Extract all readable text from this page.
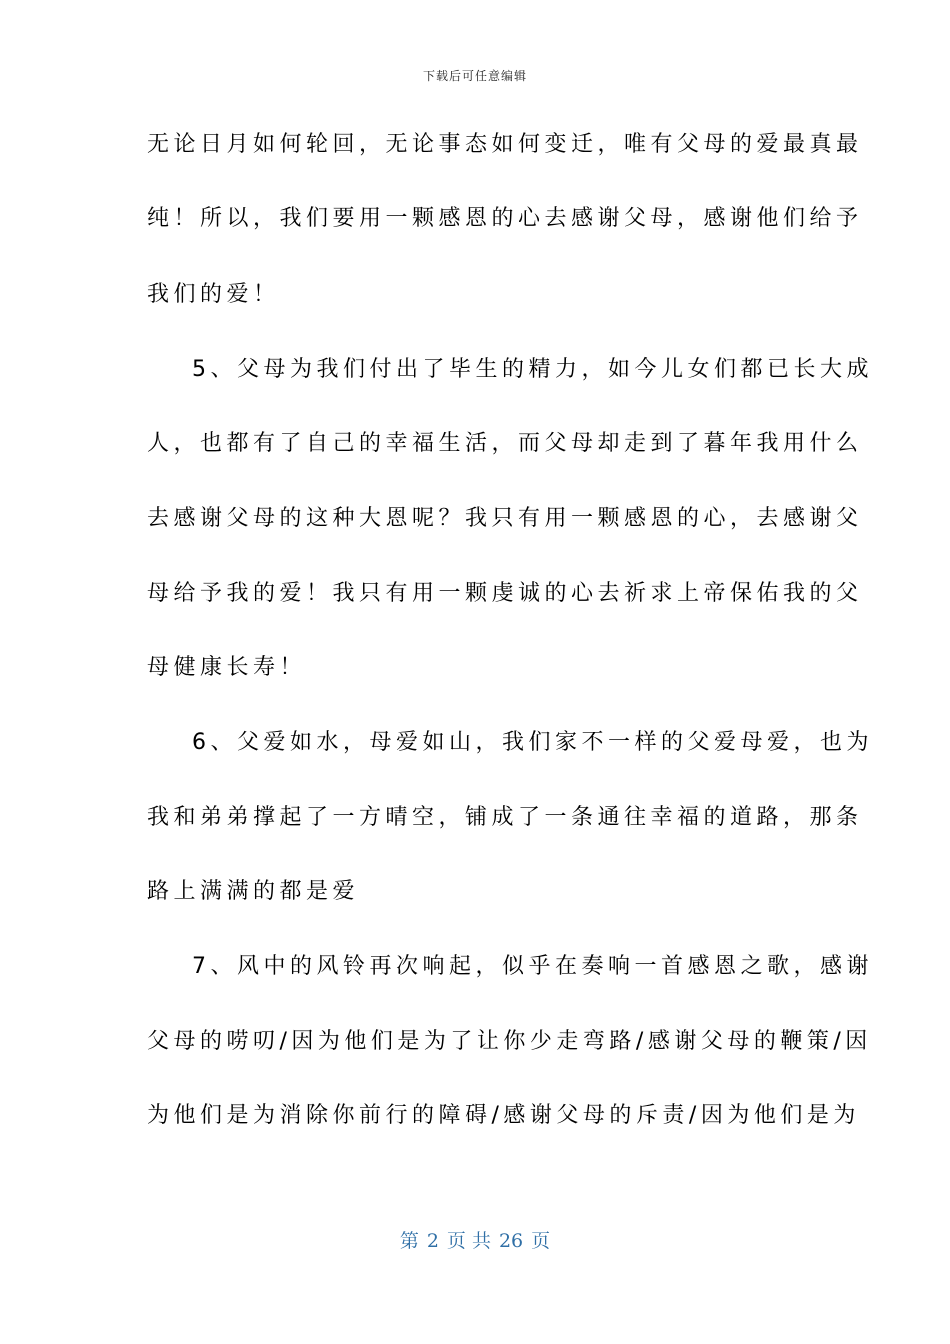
下载后可任意编辑
无论日月如何轮回，无论事态如何变迁，唯有父母的爱最真最
纯！所以，我们要用一颗感恩的心去感谢父母，感谢他们给予
我们的爱！
5、父母为我们付出了毕生的精力，如今儿女们都已长大成
人，也都有了自己的幸福生活，而父母却走到了暮年我用什么
去感谢父母的这种大恩呢？我只有用一颗感恩的心，去感谢父
母给予我的爱！我只有用一颗虔诚的心去祈求上帝保佑我的父
母健康长寿！
6、父爱如水，母爱如山，我们家不一样的父爱母爱，也为
我和弟弟撑起了一方晴空，铺成了一条通往幸福的道路，那条
路上满满的都是爱
7、风中的风铃再次响起，似乎在奏响一首感恩之歌，感谢
父母的唠叨/因为他们是为了让你少走弯路/感谢父母的鞭策/因
为他们是为消除你前行的障碍/感谢父母的斥责/因为他们是为
第 2 页 共 26 页
